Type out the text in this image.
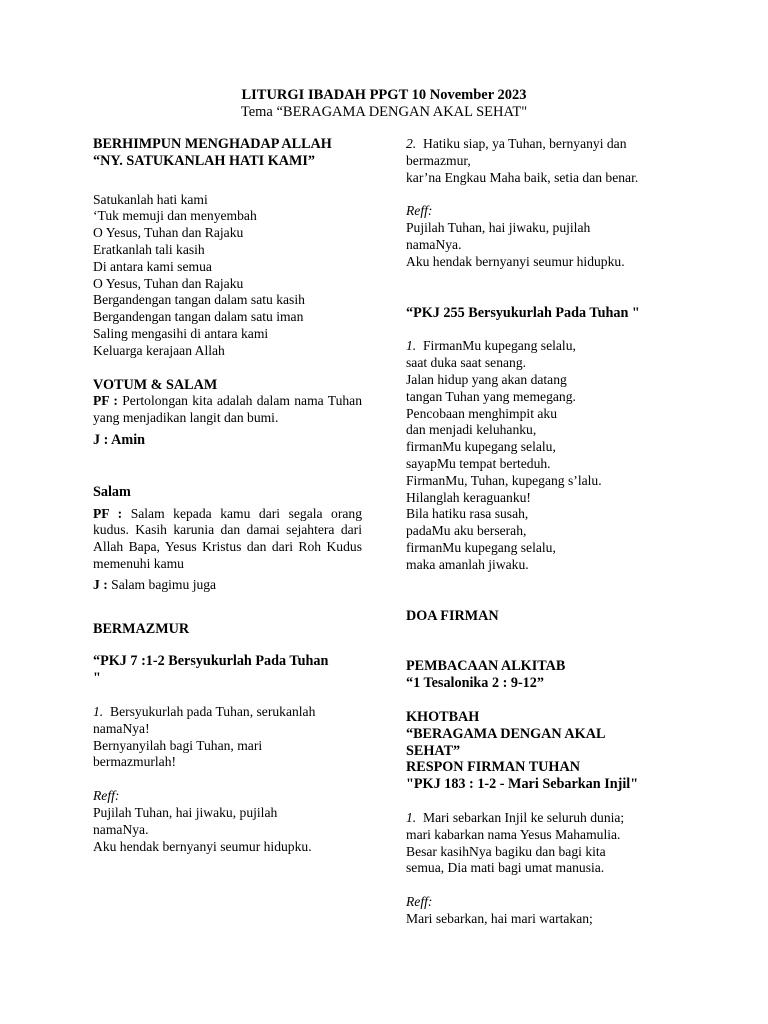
LITURGI IBADAH PPGT 10 November 2023
Tema “BERAGAMA DENGAN AKAL SEHAT"
BERHIMPUN MENGHADAP ALLAH
“NY. SATUKANLAH HATI KAMI”
Satukanlah hati kami
‘Tuk memuji dan menyembah
O Yesus, Tuhan dan Rajaku
Eratkanlah tali kasih
Di antara kami semua
O Yesus, Tuhan dan Rajaku
Bergandengan tangan dalam satu kasih
Bergandengan tangan dalam satu iman
Saling mengasihi di antara kami
Keluarga kerajaan Allah
VOTUM & SALAM
PF : Pertolongan kita adalah dalam nama Tuhan yang menjadikan langit dan bumi.
J : Amin
Salam
PF : Salam kepada kamu dari segala orang kudus. Kasih karunia dan damai sejahtera dari Allah Bapa, Yesus Kristus dan dari Roh Kudus memenuhi kamu
J : Salam bagimu juga
BERMAZMUR
“PKJ 7 :1-2 Bersyukurlah Pada Tuhan
"
1. Bersyukurlah pada Tuhan, serukanlah
namaNya!
Bernyanyilah bagi Tuhan, mari
bermazmurlah!
Reff:
Pujilah Tuhan, hai jiwaku, pujilah
namaNya.
Aku hendak bernyanyi seumur hidupku.
2. Hatiku siap, ya Tuhan, bernyanyi dan
bermazmur,
kar’na Engkau Maha baik, setia dan benar.
Reff:
Pujilah Tuhan, hai jiwaku, pujilah
namaNya.
Aku hendak bernyanyi seumur hidupku.
“PKJ 255 Bersyukurlah Pada Tuhan "
1. FirmanMu kupegang selalu,
saat duka saat senang.
Jalan hidup yang akan datang
tangan Tuhan yang memegang.
Pencobaan menghimpit aku
dan menjadi keluhanku,
firmanMu kupegang selalu,
sayapMu tempat berteduh.
FirmanMu, Tuhan, kupegang s’lalu.
Hilanglah keraguanku!
Bila hatiku rasa susah,
padaMu aku berserah,
firmanMu kupegang selalu,
maka amanlah jiwaku.
DOA FIRMAN
PEMBACAAN ALKITAB
“1 Tesalonika 2 : 9-12”
KHOTBAH
“BERAGAMA DENGAN AKAL
SEHAT”
RESPON FIRMAN TUHAN
"PKJ 183 : 1-2 - Mari Sebarkan Injil"
1. Mari sebarkan Injil ke seluruh dunia;
mari kabarkan nama Yesus Mahamulia.
Besar kasihNya bagiku dan bagi kita
semua, Dia mati bagi umat manusia.
Reff:
Mari sebarkan, hai mari wartakan;
